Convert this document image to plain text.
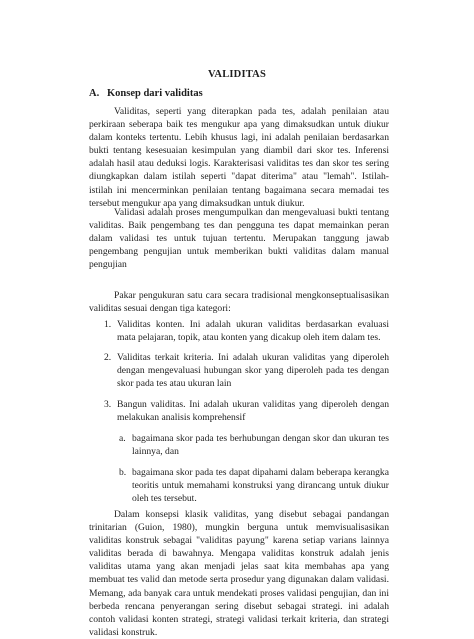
VALIDITAS
A. Konsep dari validitas

Validitas, seperti yang diterapkan pada tes, adalah penilaian atau perkiraan seberapa baik tes mengukur apa yang dimaksudkan untuk diukur dalam konteks tertentu. Lebih khusus lagi, ini adalah penilaian berdasarkan bukti tentang kesesuaian kesimpulan yang diambil dari skor tes. Inferensi adalah hasil atau deduksi logis. Karakterisasi validitas tes dan skor tes sering diungkapkan dalam istilah seperti "dapat diterima" atau "lemah". Istilah-istilah ini mencerminkan penilaian tentang bagaimana secara memadai tes tersebut mengukur apa yang dimaksudkan untuk diukur.

Validasi adalah proses mengumpulkan dan mengevaluasi bukti tentang validitas. Baik pengembang tes dan pengguna tes dapat memainkan peran dalam validasi tes untuk tujuan tertentu. Merupakan tanggung jawab pengembang pengujian untuk memberikan bukti validitas dalam manual pengujian

Pakar pengukuran satu cara secara tradisional mengkonseptualisasikan validitas sesuai dengan tiga kategori:

1. Validitas konten. Ini adalah ukuran validitas berdasarkan evaluasi mata pelajaran, topik, atau konten yang dicakup oleh item dalam tes.
2. Validitas terkait kriteria. Ini adalah ukuran validitas yang diperoleh dengan mengevaluasi hubungan skor yang diperoleh pada tes dengan skor pada tes atau ukuran lain
3. Bangun validitas. Ini adalah ukuran validitas yang diperoleh dengan melakukan analisis komprehensif
a. bagaimana skor pada tes berhubungan dengan skor dan ukuran tes lainnya, dan
b. bagaimana skor pada tes dapat dipahami dalam beberapa kerangka teoritis untuk memahami konstruksi yang dirancang untuk diukur oleh tes tersebut.

Dalam konsepsi klasik validitas, yang disebut sebagai pandangan trinitarian (Guion, 1980), mungkin berguna untuk memvisualisasikan validitas konstruk sebagai "validitas payung" karena setiap varians lainnya validitas berada di bawahnya. Mengapa validitas konstruk adalah jenis validitas utama yang akan menjadi jelas saat kita membahas apa yang membuat tes valid dan metode serta prosedur yang digunakan dalam validasi. Memang, ada banyak cara untuk mendekati proses validasi pengujian, dan ini berbeda rencana penyerangan sering disebut sebagai strategi. ini adalah contoh validasi konten strategi, strategi validasi terkait kriteria, dan strategi validasi konstruk.
